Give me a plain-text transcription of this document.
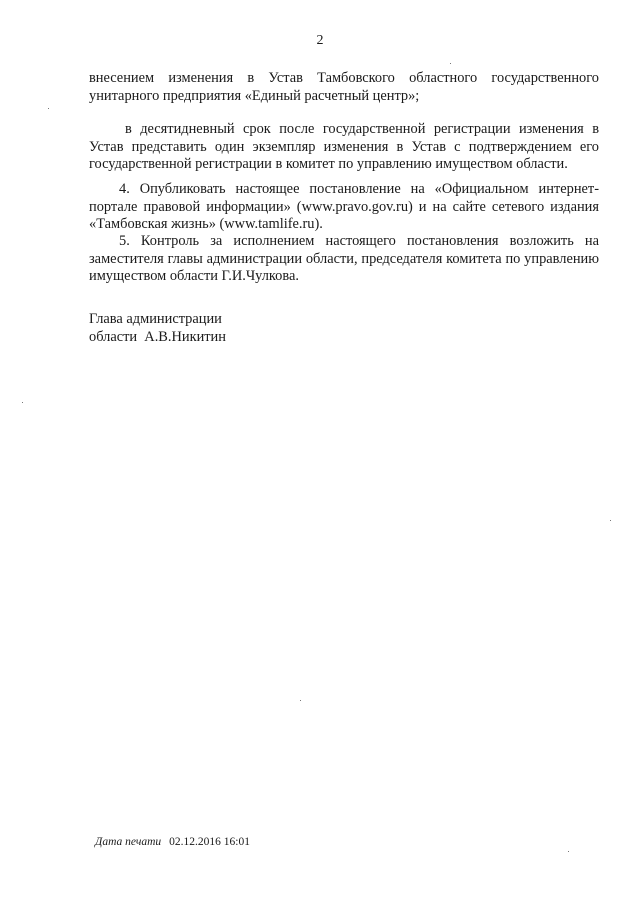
2

внесением изменения в Устав Тамбовского областного государственного унитарного предприятия «Единый расчетный центр»;

в десятидневный срок после государственной регистрации изменения в Устав представить один экземпляр изменения в Устав с подтверждением его государственной регистрации в комитет по управлению имуществом области.

4. Опубликовать настоящее постановление на «Официальном интернет-портале правовой информации» (www.pravo.gov.ru) и на сайте сетевого издания «Тамбовская жизнь» (www.tamlife.ru).

5. Контроль за исполнением настоящего постановления возложить на заместителя главы администрации области, председателя комитета по управлению имуществом области Г.И.Чулкова.

Глава администрации
области  А.В.Никитин
Дата печати 02.12.2016 16:01
